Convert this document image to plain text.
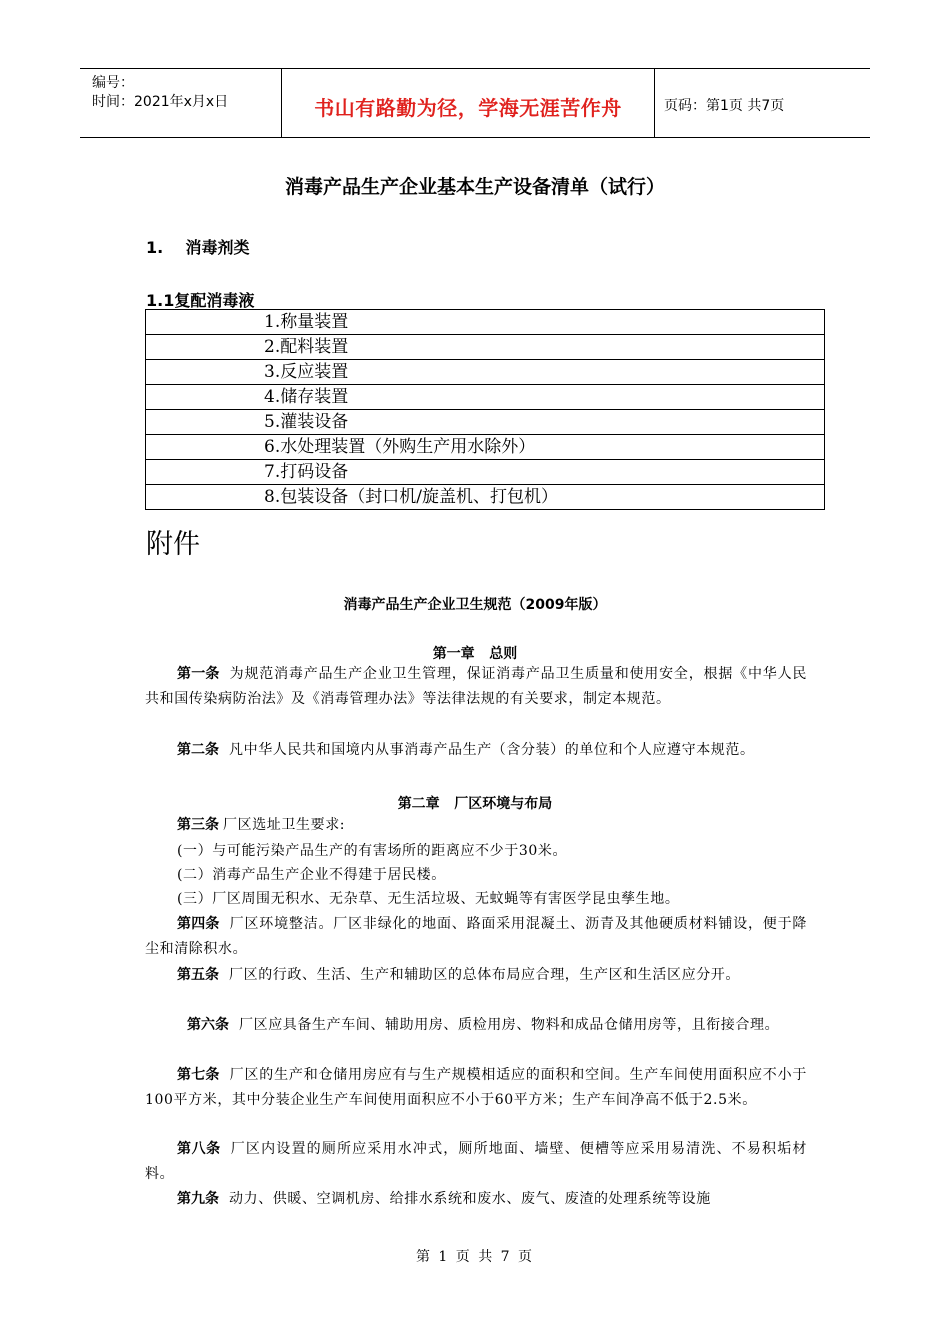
编号：
时间：2021年x月x日	书山有路勤为径，学海无涯苦作舟	页码：第1页 共7页
消毒产品生产企业基本生产设备清单（试行）
1.    消毒剂类
1.1复配消毒液
1.称量装置
2.配料装置
3.反应装置
4.储存装置
5.灌装设备
6.水处理装置（外购生产用水除外）
7.打码设备
8.包装设备（封口机/旋盖机、打包机）
附件
消毒产品生产企业卫生规范（2009年版）
第一章   总则
第一条 为规范消毒产品生产企业卫生管理，保证消毒产品卫生质量和使用安全，根据《中华人民共和国传染病防治法》及《消毒管理办法》等法律法规的有关要求，制定本规范。
第二条 凡中华人民共和国境内从事消毒产品生产（含分装）的单位和个人应遵守本规范。
第二章   厂区环境与布局
第三条 厂区选址卫生要求:
(一）与可能污染产品生产的有害场所的距离应不少于30米。
(二）消毒产品生产企业不得建于居民楼。
(三）厂区周围无积水、无杂草、无生活垃圾、无蚊蝇等有害医学昆虫孳生地。
第四条 厂区环境整洁。厂区非绿化的地面、路面采用混凝土、沥青及其他硬质材料铺设，便于降尘和清除积水。
第五条 厂区的行政、生活、生产和辅助区的总体布局应合理，生产区和生活区应分开。
第六条 厂区应具备生产车间、辅助用房、质检用房、物料和成品仓储用房等，且衔接合理。
第七条 厂区的生产和仓储用房应有与生产规模相适应的面积和空间。生产车间使用面积应不小于100平方米，其中分装企业生产车间使用面积应不小于60平方米；生产车间净高不低于2.5米。
第八条 厂区内设置的厕所应采用水冲式，厕所地面、墙壁、便槽等应采用易清洗、不易积垢材料。
第九条 动力、供暖、空调机房、给排水系统和废水、废气、废渣的处理系统等设施
第 1 页 共 7 页
